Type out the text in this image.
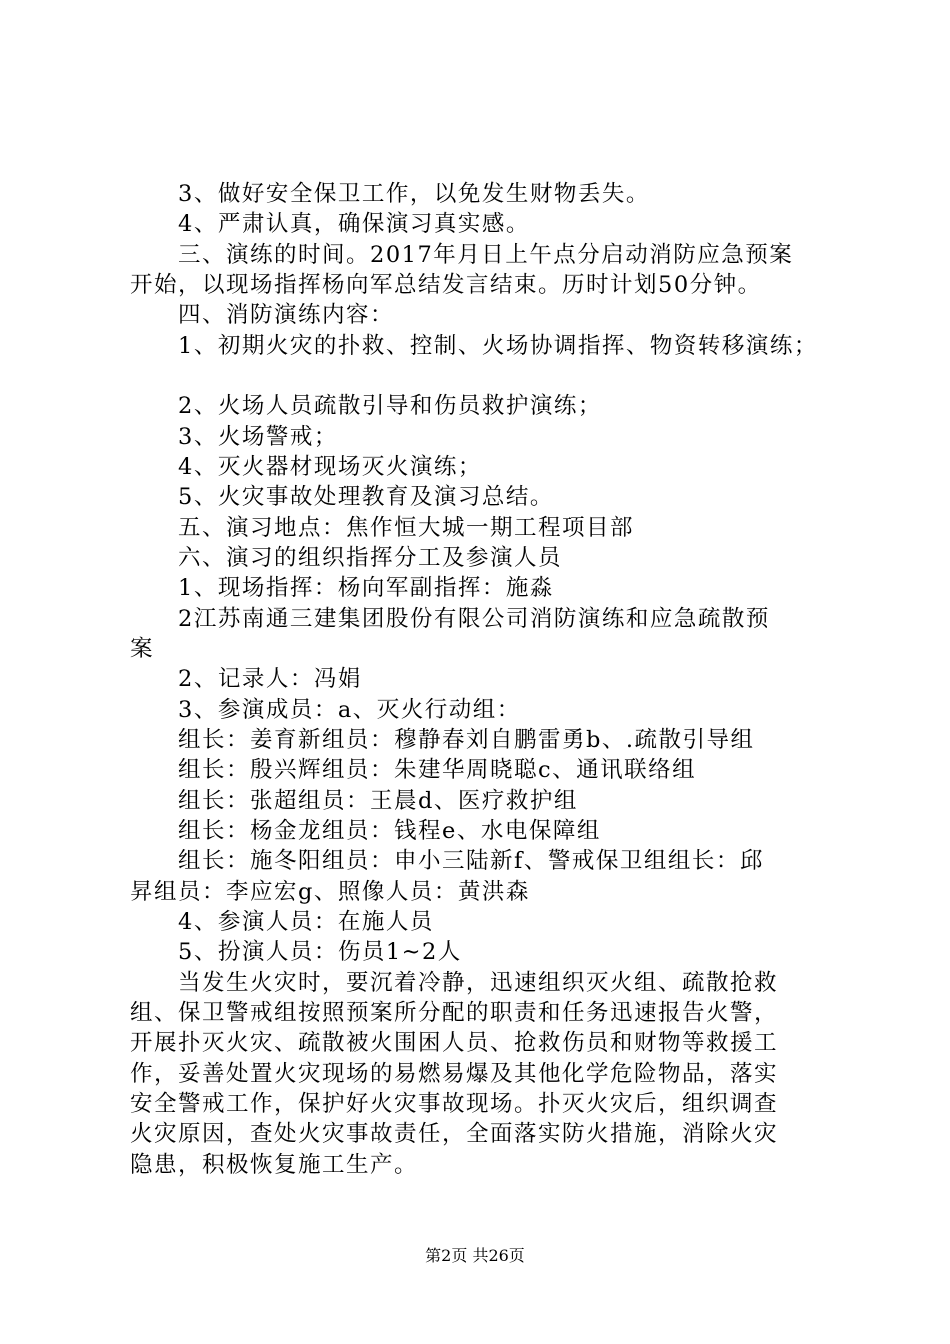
3、做好安全保卫工作，以免发生财物丢失。
4、严肃认真，确保演习真实感。
三、演练的时间。2017年月日上午点分启动消防应急预案
开始，以现场指挥杨向军总结发言结束。历时计划50分钟。
四、消防演练内容：
1、初期火灾的扑救、控制、火场协调指挥、物资转移演练；
2、火场人员疏散引导和伤员救护演练；
3、火场警戒；
4、灭火器材现场灭火演练；
5、火灾事故处理教育及演习总结。
五、演习地点：焦作恒大城一期工程项目部
六、演习的组织指挥分工及参演人员
1、现场指挥：杨向军副指挥：施淼
2江苏南通三建集团股份有限公司消防演练和应急疏散预
案
2、记录人：冯娟
3、参演成员：a、灭火行动组：
组长：姜育新组员：穆静春刘自鹏雷勇b、.疏散引导组
组长：殷兴辉组员：朱建华周晓聪c、通讯联络组
组长：张超组员：王晨d、医疗救护组
组长：杨金龙组员：钱程e、水电保障组
组长：施冬阳组员：申小三陆新f、警戒保卫组组长：邱
昇组员：李应宏g、照像人员：黄洪森
4、参演人员：在施人员
5、扮演人员：伤员1~2人
当发生火灾时，要沉着冷静，迅速组织灭火组、疏散抢救
组、保卫警戒组按照预案所分配的职责和任务迅速报告火警，
开展扑灭火灾、疏散被火围困人员、抢救伤员和财物等救援工
作，妥善处置火灾现场的易燃易爆及其他化学危险物品，落实
安全警戒工作，保护好火灾事故现场。扑灭火灾后，组织调查
火灾原因，查处火灾事故责任，全面落实防火措施，消除火灾
隐患，积极恢复施工生产。
第2页 共26页
